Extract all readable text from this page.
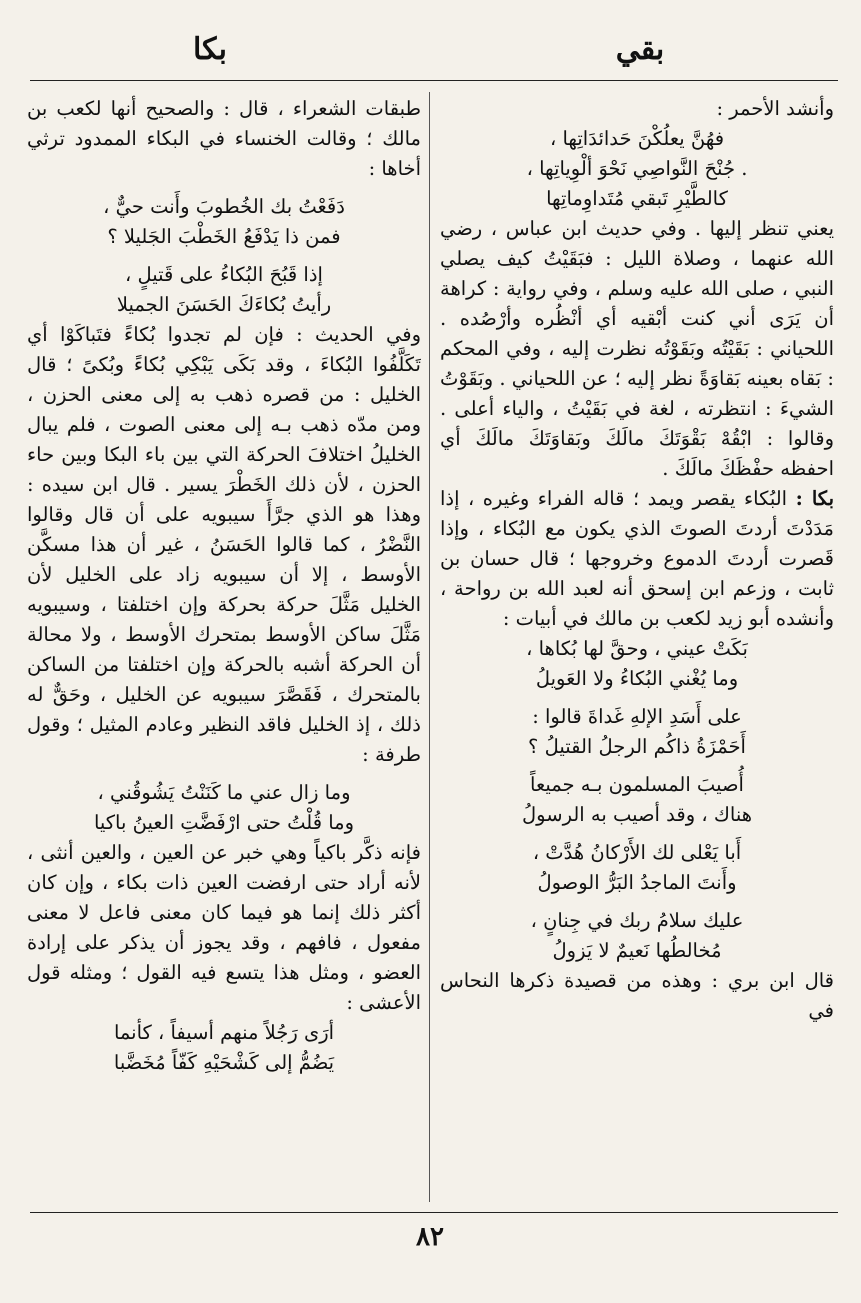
بقي
بكا

وأنشد الأحمر :

فهُنَّ يعلُكْنَ حَدائدَاتِها ،

. جُنْحَ النَّواصِي نَحْوَ ألْوِياتِها ،

كالطَّيْرِ تَبقي مُتَداوِماتِها

يعني تنظر إليها . وفي حديث ابن عباس ، رضي الله عنهما ، وصلاة الليل : فبَقَيْتُ كيف يصلي النبي ، صلى الله عليه وسلم ، وفي رواية : كراهة أن يَرَى أني كنت أبْقيه أي أنْظُره وأرْصُده . اللحياني : بَقَيْتُه وبَقَوْتُه نظرت إليه ، وفي المحكم : بَقاه بعينه بَقاوَةً نظر إليه ؛ عن اللحياني . وبَقَوْتُ الشيءَ : انتظرته ، لغة في بَقَيْتُ ، والياء أعلى . وقالوا : ابْقُهْ بَقْوَتَكَ مالَكَ وبَقاوَتَكَ مالَكَ أي احفظه حفْظَكَ مالَكَ .

بكا : البُكاء يقصر ويمد ؛ قاله الفراء وغيره ، إذا مَدَدْتَ أردتَ الصوتَ الذي يكون مع البُكاء ، وإذا قَصرت أردتَ الدموع وخروجها ؛ قال حسان بن ثابت ، وزعم ابن إسحق أنه لعبد الله بن رواحة ، وأنشده أبو زيد لكعب بن مالك في أبيات :

بَكَتْ عيني ، وحقَّ لها بُكاها ،

وما يُغْني البُكاءُ ولا العَويلُ

على أَسَدِ الإلهِ غَداةَ قالوا :

أَحَمْزَةُ ذاكُم الرجلُ القتيلُ ؟

أُصيبَ المسلمون بـه جميعاً

هناك ، وقد أصيب به الرسولُ

أَبا يَعْلى لك الأَرْكانُ هُدَّتْ ،

وأَنتَ الماجدُ البَرُّ الوصولُ

عليك سلامُ ربك في جِنانٍ ،

مُخالطُها نَعيمٌ لا يَزولُ

قال ابن بري : وهذه من قصيدة ذكرها النحاس في

طبقات الشعراء ، قال : والصحيح أنها لكعب بن مالك ؛ وقالت الخنساء في البكاء الممدود ترثي أخاها :

دَفَعْتُ بك الخُطوبَ وأَنت حيٌّ ،

فمن ذا يَدْفَعُ الخَطْبَ الجَليلا ؟

إذا قَبُحَ البُكاءُ على قَتيلٍ ،

رأيتُ بُكاءَكَ الحَسَنَ الجميلا

وفي الحديث : فإن لم تجدوا بُكاءً فتَباكَوْا أي تَكَلَّفُوا البُكاءَ ، وقد بَكَى يَبْكِي بُكاءً وبُكىً ؛ قال الخليل : من قصره ذهب به إلى معنى الحزن ، ومن مدّه ذهب بـه إلى معنى الصوت ، فلم يبال الخليلُ اختلافَ الحركة التي بين باء البكا وبين حاء الحزن ، لأن ذلك الخَطْرَ يسير . قال ابن سيده : وهذا هو الذي جرَّأَ سيبويه على أن قال وقالوا النَّضْرُ ، كما قالوا الحَسَنُ ، غير أن هذا مسكَّن الأوسط ، إلا أن سيبويه زاد على الخليل لأن الخليل مَثَّلَ حركة بحركة وإن اختلفتا ، وسيبويه مَثَّلَ ساكن الأوسط بمتحرك الأوسط ، ولا محالة أن الحركة أشبه بالحركة وإن اختلفتا من الساكن بالمتحرك ، فَقَصَّرَ سيبويه عن الخليل ، وحَقٌّ له ذلك ، إذ الخليل فاقد النظير وعادم المثيل ؛ وقول طرفة :

وما زال عني ما كَنَنْتُ يَشُوقُني ،

وما قُلْتُ حتى ارْفَضَّتِ العينُ باكيا

فإنه ذكَّر باكياً وهي خبر عن العين ، والعين أنثى ، لأنه أراد حتى ارفضت العين ذات بكاء ، وإن كان أكثر ذلك إنما هو فيما كان معنى فاعل لا معنى مفعول ، فافهم ، وقد يجوز أن يذكر على إرادة العضو ، ومثل هذا يتسع فيه القول ؛ ومثله قول الأعشى :

أرَى رَجُلاً منهم أسيفاً ، كأنما

يَضُمُّ إلى كَشْحَيْهِ كَفّاً مُخَضَّبا

٨٢
